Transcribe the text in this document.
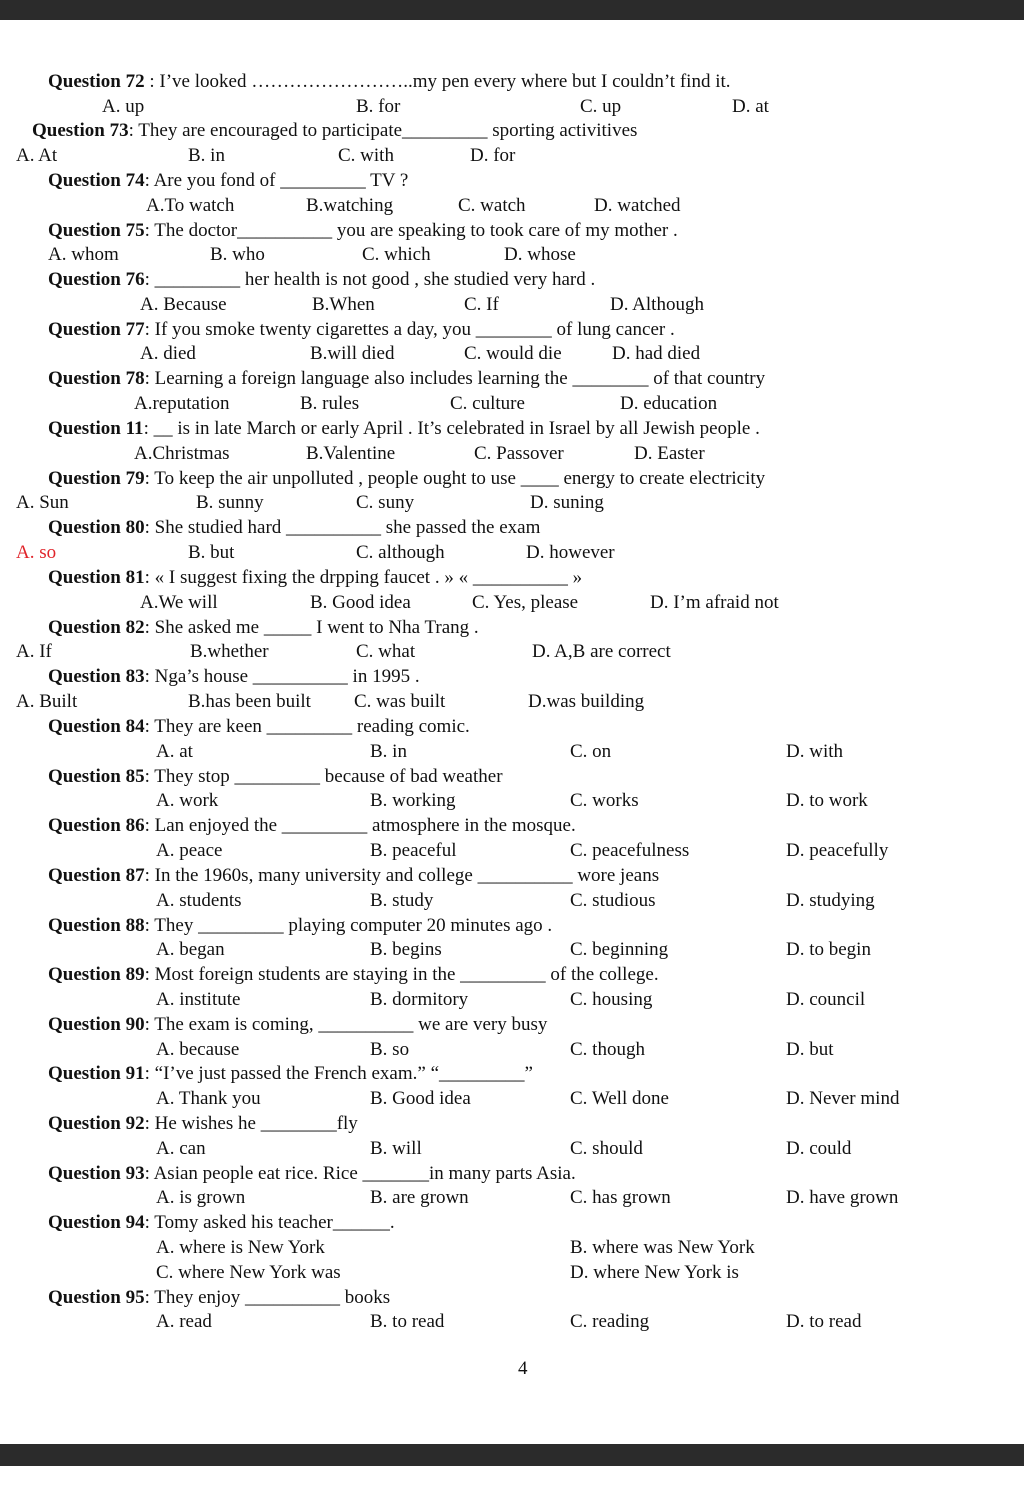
Question 72 : I’ve looked ……………………..my pen every where but I couldn’t find it.
A. up	B. for	C. up	D. at
Question 73: They are encouraged to participate_________ sporting activitives
A. At	B. in	C. with	D. for
Question 74: Are you fond of _________ TV ?
A.To watch	B.watching	C. watch	D. watched
Question 75: The doctor__________ you are speaking to took care of my mother .
A. whom	B. who	C. which	D. whose
Question 76: _________ her health is not good , she studied very hard .
A. Because	B.When	C. If	D. Although
Question 77: If you smoke twenty cigarettes a day, you ________ of lung cancer .
A. died	B.will died	C. would die	D. had died
Question 78: Learning a foreign language also includes learning the ________ of that country
A.reputation	B. rules	C. culture	D. education
Question 11: __ is in late March or early April . It’s celebrated in Israel by all Jewish people .
A.Christmas	B.Valentine	C. Passover	D. Easter
Question 79: To keep the air unpolluted , people ought to use ____ energy to create electricity
A. Sun	B. sunny	C. suny	D. suning
Question 80: She studied hard __________ she passed the exam
A. so	B. but	C. although	D. however
Question 81: « I suggest fixing the drpping faucet . » « __________ »
A.We will	B. Good idea	C. Yes, please	D. I’m afraid not
Question 82: She asked me _____ I went to Nha Trang .
A. If	B.whether	C. what	D. A,B are correct
Question 83: Nga’s house __________ in 1995 .
A. Built	B.has been built C. was built	D.was building
Question 84: They are keen _________ reading comic.
A. at	B. in	C. on	D. with
Question 85: They stop _________ because of bad weather
A. work	B. working	C. works	D. to work
Question 86: Lan enjoyed the _________ atmosphere in the mosque.
A. peace	B. peaceful	C. peacefulness	D. peacefully
Question 87: In the 1960s, many university and college __________ wore jeans
A. students	B. study	C. studious	D. studying
Question 88: They _________ playing computer 20 minutes ago .
A. began	B. begins	C. beginning	D. to begin
Question 89: Most foreign students are staying in the _________ of the college.
A. institute	B. dormitory	C. housing	D. council
Question 90: The exam is coming, __________ we are very busy
A. because	B. so	C. though	D. but
Question 91: “I’ve just passed the French exam.” “_________”
A. Thank you	B. Good idea	C. Well done	D. Never mind
Question 92: He wishes he ________fly
A. can	B. will	C. should	D. could
Question 93: Asian people eat rice. Rice _______in many parts Asia.
A. is grown	B. are grown	C. has grown	D. have grown
Question 94: Tomy asked his teacher______.
A. where is New York	B. where was New York
C. where New York was	D. where New York is
Question 95: They enjoy __________ books
A. read	B. to read	C. reading	D. to read
4
